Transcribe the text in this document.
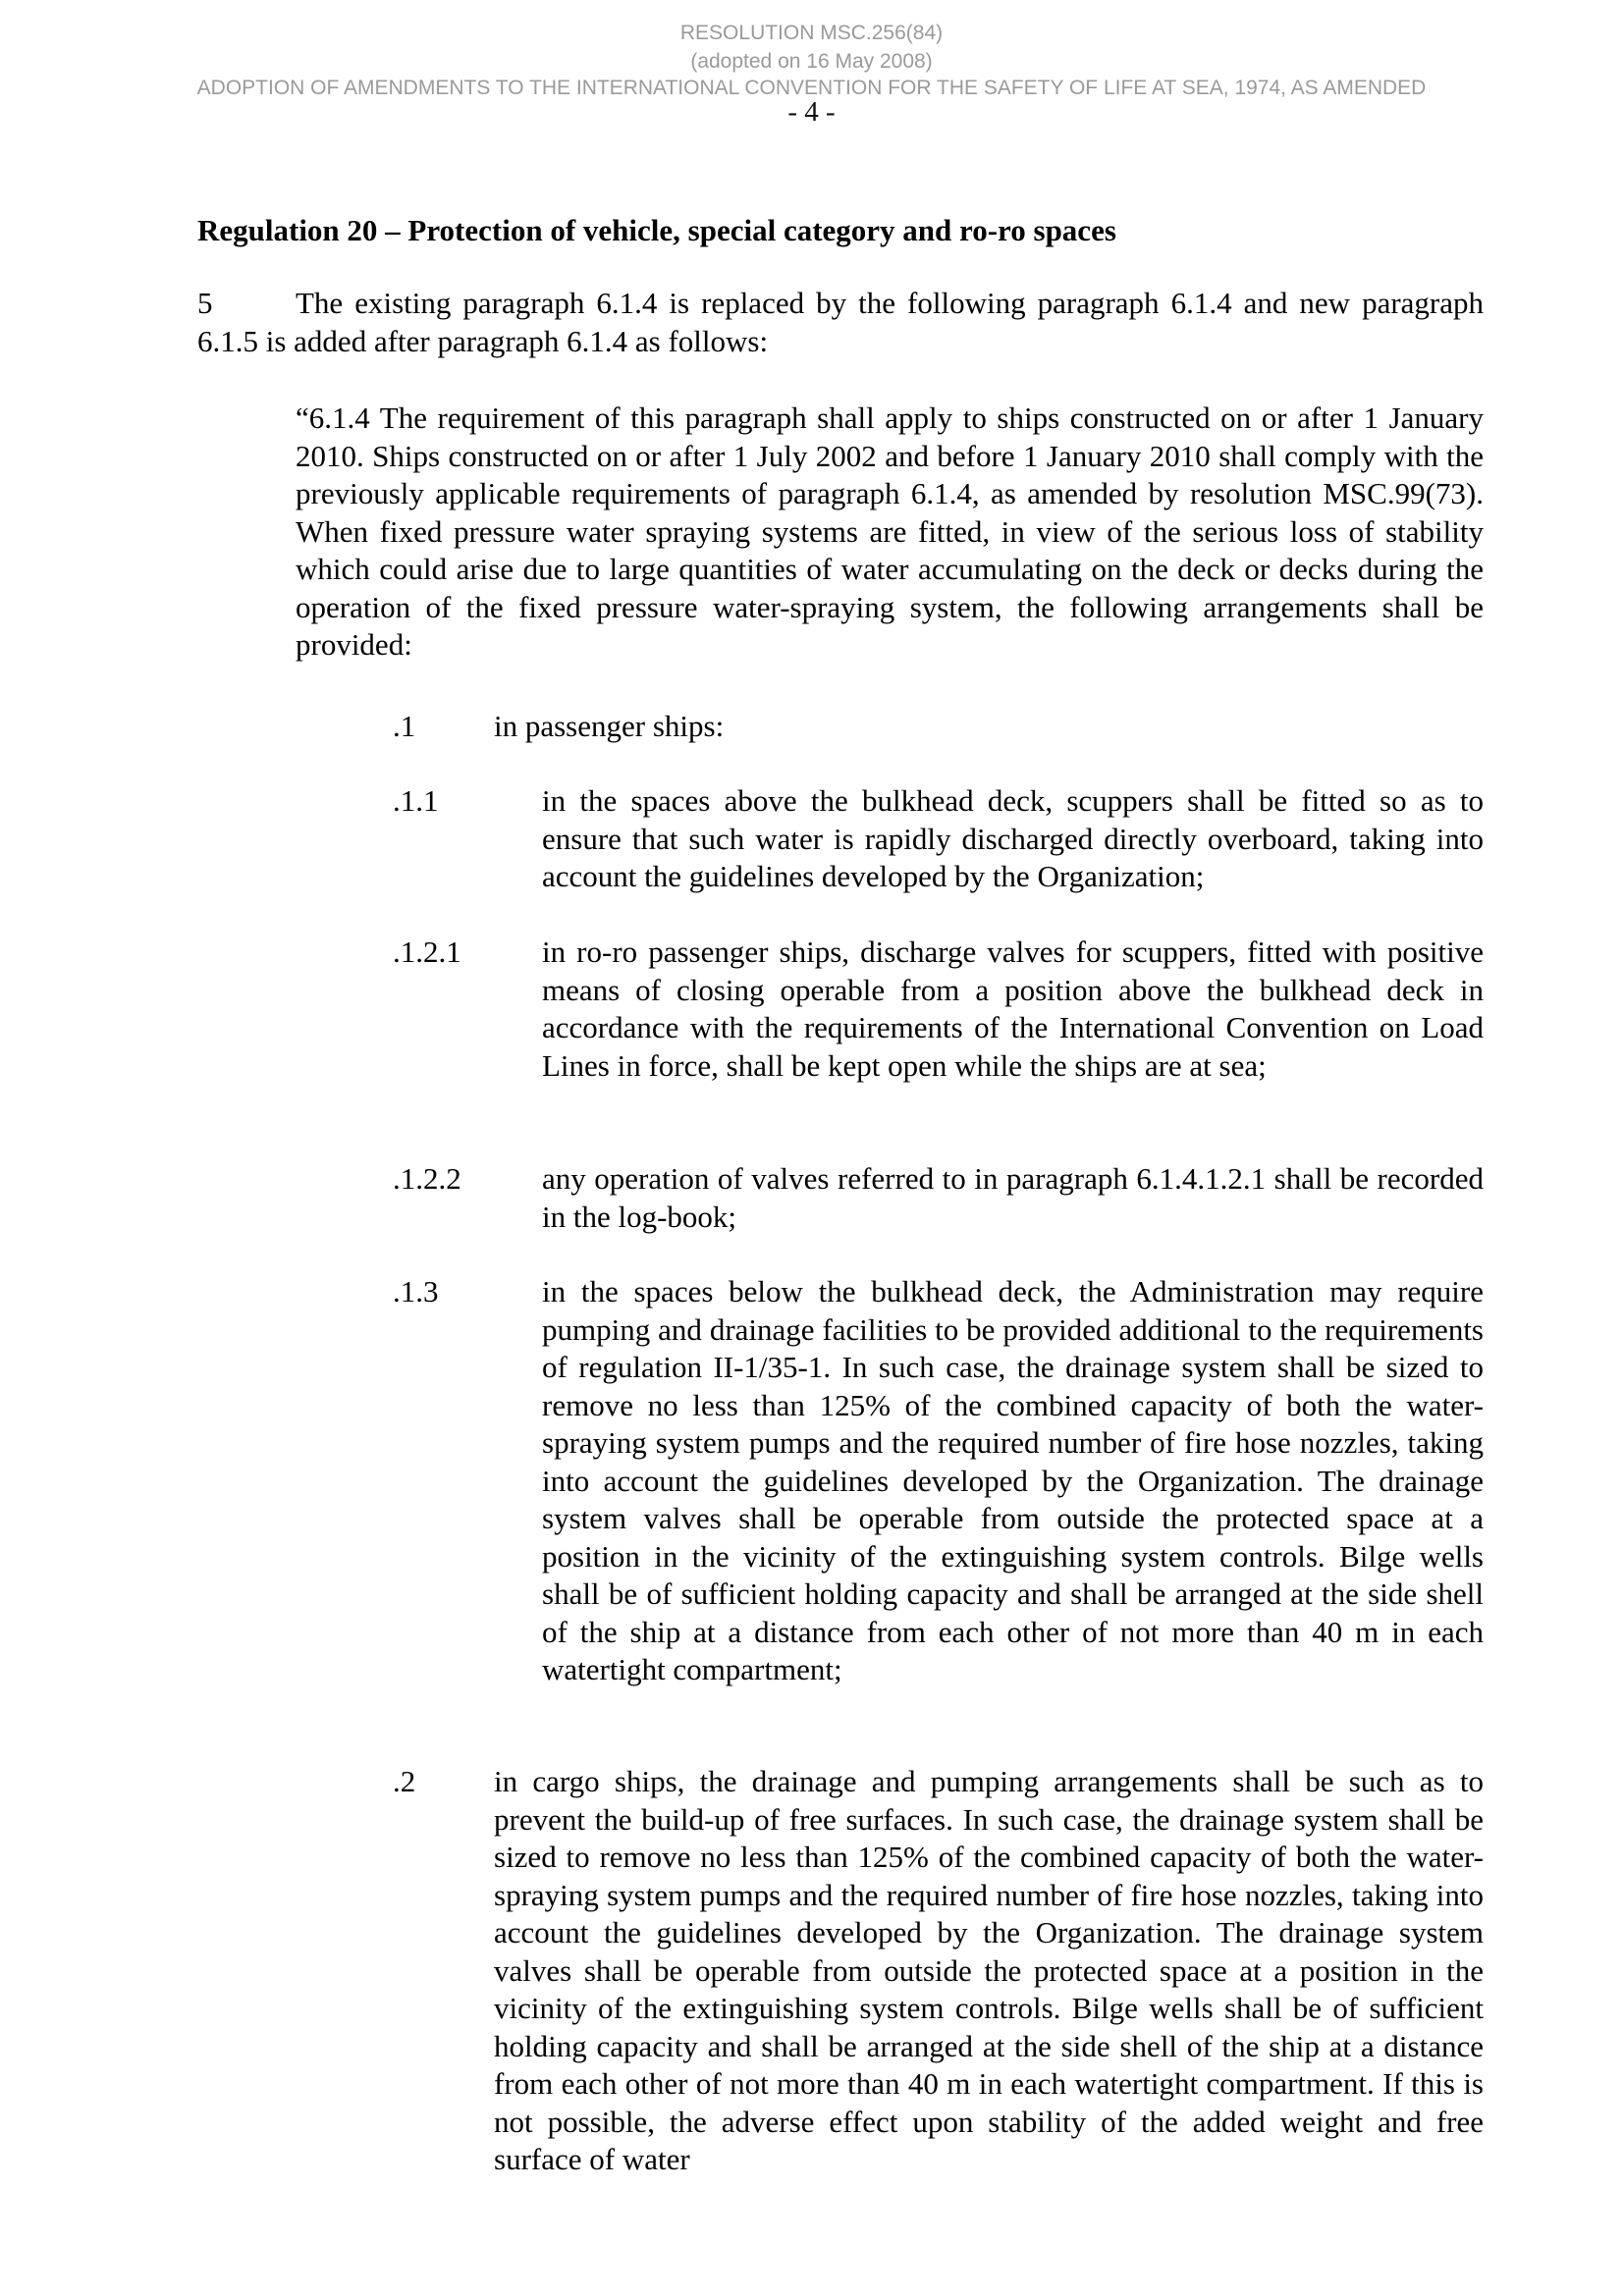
RESOLUTION MSC.256(84)
(adopted on 16 May 2008)
ADOPTION OF AMENDMENTS TO THE INTERNATIONAL CONVENTION FOR THE SAFETY OF LIFE AT SEA, 1974, AS AMENDED
- 4 -
Regulation 20 – Protection of vehicle, special category and ro-ro spaces
5	The existing paragraph 6.1.4 is replaced by the following paragraph 6.1.4 and new paragraph 6.1.5 is added after paragraph 6.1.4 as follows:
“6.1.4 The requirement of this paragraph shall apply to ships constructed on or after 1 January 2010. Ships constructed on or after 1 July 2002 and before 1 January 2010 shall comply with the previously applicable requirements of paragraph 6.1.4, as amended by resolution MSC.99(73). When fixed pressure water spraying systems are fitted, in view of the serious loss of stability which could arise due to large quantities of water accumulating on the deck or decks during the operation of the fixed pressure water-spraying system, the following arrangements shall be provided:
.1	in passenger ships:
.1.1	in the spaces above the bulkhead deck, scuppers shall be fitted so as to ensure that such water is rapidly discharged directly overboard, taking into account the guidelines developed by the Organization;
.1.2.1	in ro-ro passenger ships, discharge valves for scuppers, fitted with positive means of closing operable from a position above the bulkhead deck in accordance with the requirements of the International Convention on Load Lines in force, shall be kept open while the ships are at sea;
.1.2.2	any operation of valves referred to in paragraph 6.1.4.1.2.1 shall be recorded in the log-book;
.1.3	in the spaces below the bulkhead deck, the Administration may require pumping and drainage facilities to be provided additional to the requirements of regulation II-1/35-1. In such case, the drainage system shall be sized to remove no less than 125% of the combined capacity of both the water-spraying system pumps and the required number of fire hose nozzles, taking into account the guidelines developed by the Organization. The drainage system valves shall be operable from outside the protected space at a position in the vicinity of the extinguishing system controls. Bilge wells shall be of sufficient holding capacity and shall be arranged at the side shell of the ship at a distance from each other of not more than 40 m in each watertight compartment;
.2	in cargo ships, the drainage and pumping arrangements shall be such as to prevent the build-up of free surfaces. In such case, the drainage system shall be sized to remove no less than 125% of the combined capacity of both the water-spraying system pumps and the required number of fire hose nozzles, taking into account the guidelines developed by the Organization. The drainage system valves shall be operable from outside the protected space at a position in the vicinity of the extinguishing system controls. Bilge wells shall be of sufficient holding capacity and shall be arranged at the side shell of the ship at a distance from each other of not more than 40 m in each watertight compartment. If this is not possible, the adverse effect upon stability of the added weight and free surface of water
